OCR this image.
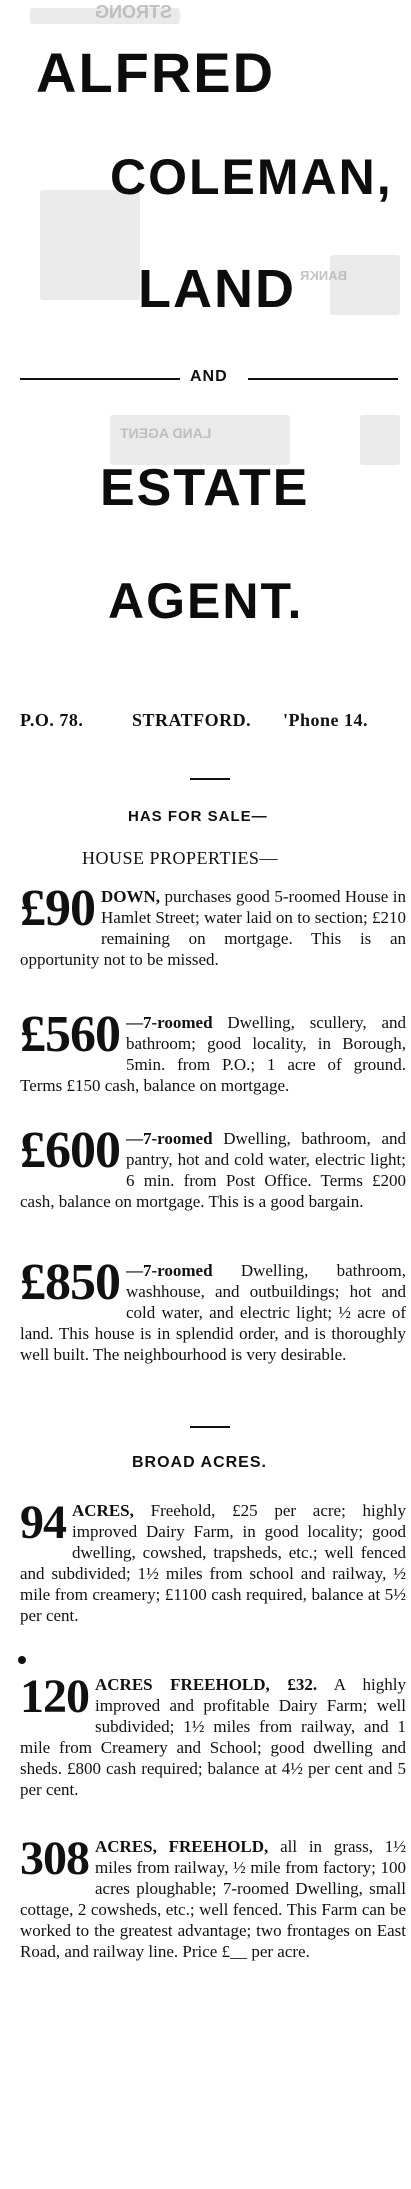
STRONG
BANKR
LAND AGENT
ALFRED
COLEMAN,
LAND
AND
ESTATE
AGENT.
P.O. 78.	STRATFORD. 'Phone 14.
HAS FOR SALE—
HOUSE PROPERTIES—
£90 DOWN, purchases good 5-roomed House in Hamlet Street; water laid on to section; £210 remaining on mortgage. This is an opportunity not to be missed.

£560 —7-roomed Dwelling, scullery, and bathroom; good locality, in Borough, 5min. from P.O.; 1 acre of ground. Terms £150 cash, balance on mortgage.

£600 —7-roomed Dwelling, bathroom, and pantry, hot and cold water, electric light; 6 min. from Post Office. Terms £200 cash, balance on mortgage. This is a good bargain.

£850 —7-roomed Dwelling, bathroom, washhouse, and outbuildings; hot and cold water, and electric light; ½ acre of land. This house is in splendid order, and is thoroughly well built. The neighbourhood is very desirable.

BROAD ACRES.
94 ACRES, Freehold, £25 per acre; highly improved Dairy Farm, in good locality; good dwelling, cowshed, trapsheds, etc.; well fenced and subdivided; 1½ miles from school and railway, ½ mile from creamery; £1100 cash required, balance at 5½ per cent.

120 ACRES FREEHOLD, £32. A highly improved and profitable Dairy Farm; well subdivided; 1½ miles from railway, and 1 mile from Creamery and School; good dwelling and sheds. £800 cash required; balance at 4½ per cent and 5 per cent.

308 ACRES, FREEHOLD, all in grass, 1½ miles from railway, ½ mile from factory; 100 acres ploughable; 7-roomed Dwelling, small cottage, 2 cowsheds, etc.; well fenced. This Farm can be worked to the greatest advantage; two frontages on East Road, and railway line. Price £__ per acre.
